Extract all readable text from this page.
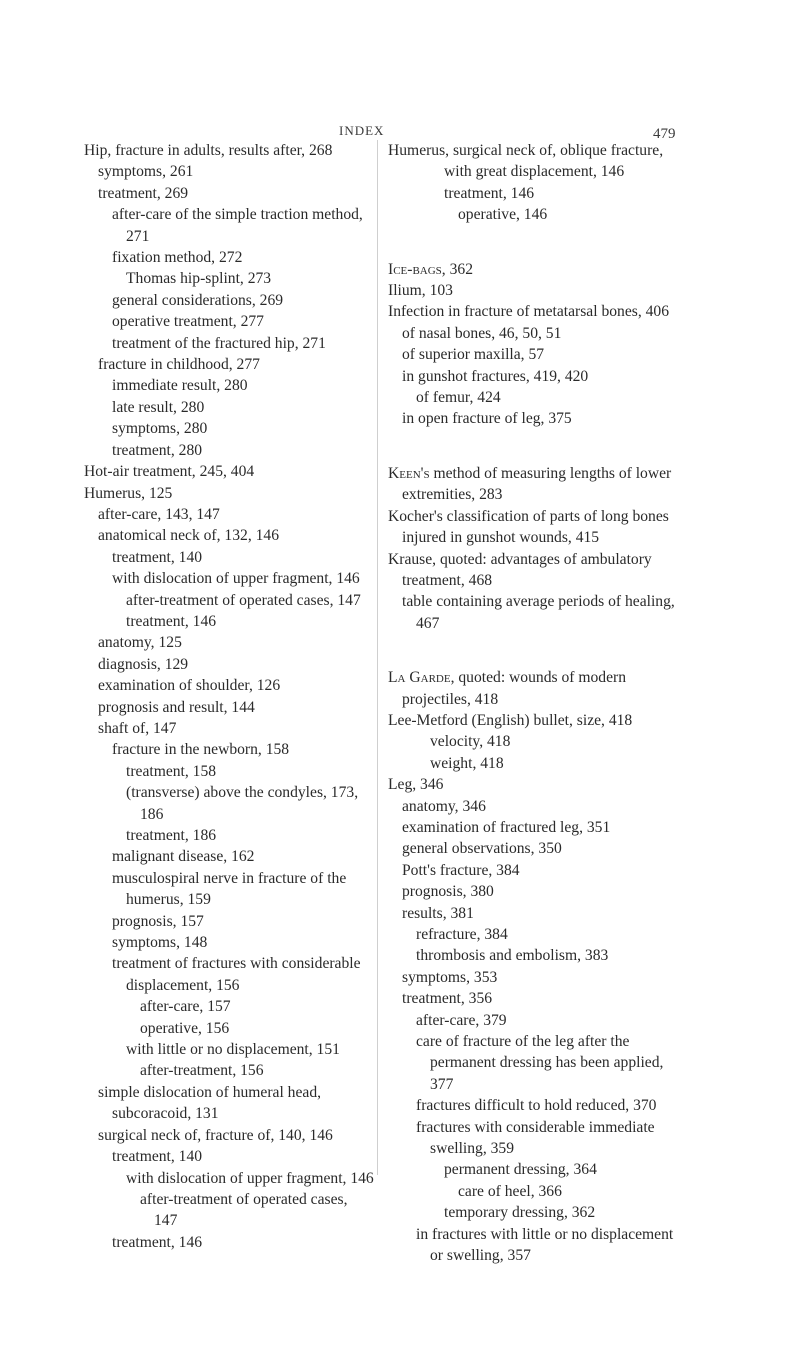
INDEX	479

Hip, fracture in adults, results after, 268

symptoms, 261

treatment, 269

after-care of the simple traction method, 271

fixation method, 272

Thomas hip-splint, 273

general considerations, 269

operative treatment, 277

treatment of the fractured hip, 271

fracture in childhood, 277

immediate result, 280

late result, 280

symptoms, 280

treatment, 280

Hot-air treatment, 245, 404

Humerus, 125

after-care, 143, 147

anatomical neck of, 132, 146

treatment, 140

with dislocation of upper fragment, 146

after-treatment of operated cases, 147

treatment, 146

anatomy, 125

diagnosis, 129

examination of shoulder, 126

prognosis and result, 144

shaft of, 147

fracture in the newborn, 158

treatment, 158

(transverse) above the condyles, 173, 186

treatment, 186

malignant disease, 162

musculospiral nerve in fracture of the humerus, 159

prognosis, 157

symptoms, 148

treatment of fractures with considerable displacement, 156

after-care, 157

operative, 156

with little or no displacement, 151

after-treatment, 156

simple dislocation of humeral head, subcoracoid, 131

surgical neck of, fracture of, 140, 146

treatment, 140

with dislocation of upper fragment, 146

after-treatment of operated cases, 147

treatment, 146

Humerus, surgical neck of, oblique fracture, with great displacement, 146

treatment, 146

operative, 146

Ice-bags, 362

Ilium, 103

Infection in fracture of metatarsal bones, 406

of nasal bones, 46, 50, 51

of superior maxilla, 57

in gunshot fractures, 419, 420

of femur, 424

in open fracture of leg, 375

Keen's method of measuring lengths of lower extremities, 283

Kocher's classification of parts of long bones injured in gunshot wounds, 415

Krause, quoted: advantages of ambulatory treatment, 468

table containing average periods of healing, 467

La Garde, quoted: wounds of modern projectiles, 418

Lee-Metford (English) bullet, size, 418

velocity, 418

weight, 418

Leg, 346

anatomy, 346

examination of fractured leg, 351

general observations, 350

Pott's fracture, 384

prognosis, 380

results, 381

refracture, 384

thrombosis and embolism, 383

symptoms, 353

treatment, 356

after-care, 379

care of fracture of the leg after the permanent dressing has been applied, 377

fractures difficult to hold reduced, 370

fractures with considerable immediate swelling, 359

permanent dressing, 364

care of heel, 366

temporary dressing, 362

in fractures with little or no displacement or swelling, 357
